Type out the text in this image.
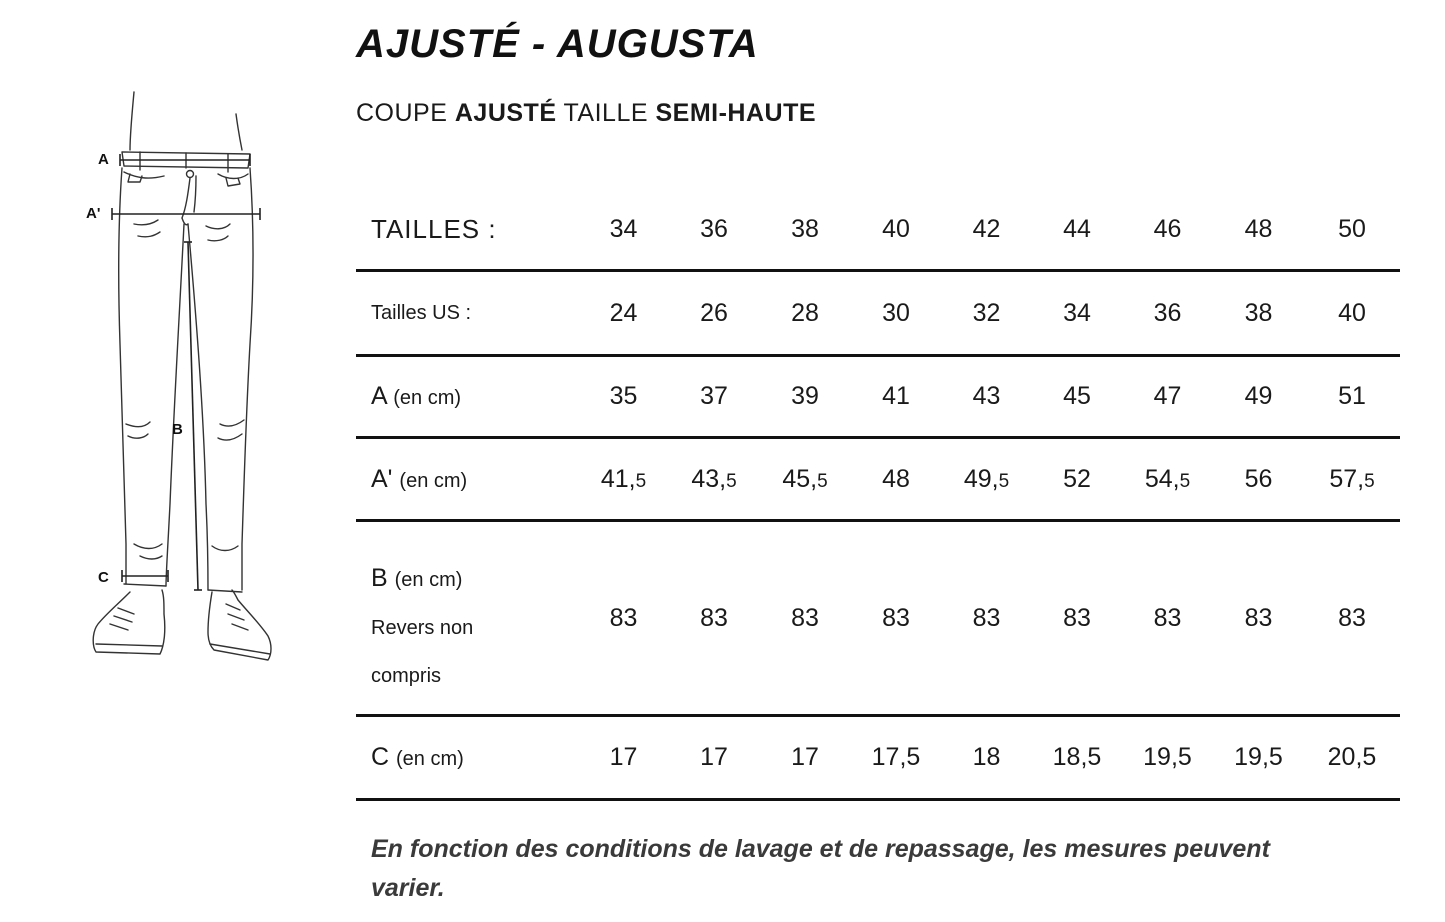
A
A'
B
C
AJUSTÉ - AUGUSTA

COUPE AJUSTÉ TAILLE SEMI-HAUTE

TAILLES :	34	36	38	40	42	44	46	48	50
Tailles US :	24	26	28	30	32	34	36	38	40
A (en cm)	35	37	39	41	43	45	47	49	51
A' (en cm)	41,5	43,5	45,5	48	49,5	52	54,5	56	57,5
B (en cm)
Revers non
compris	83	83	83	83	83	83	83	83	83
C (en cm)	17	17	17	17,5	18	18,5	19,5	19,5	20,5

En fonction des conditions de lavage et de repassage, les mesures peuvent varier.
